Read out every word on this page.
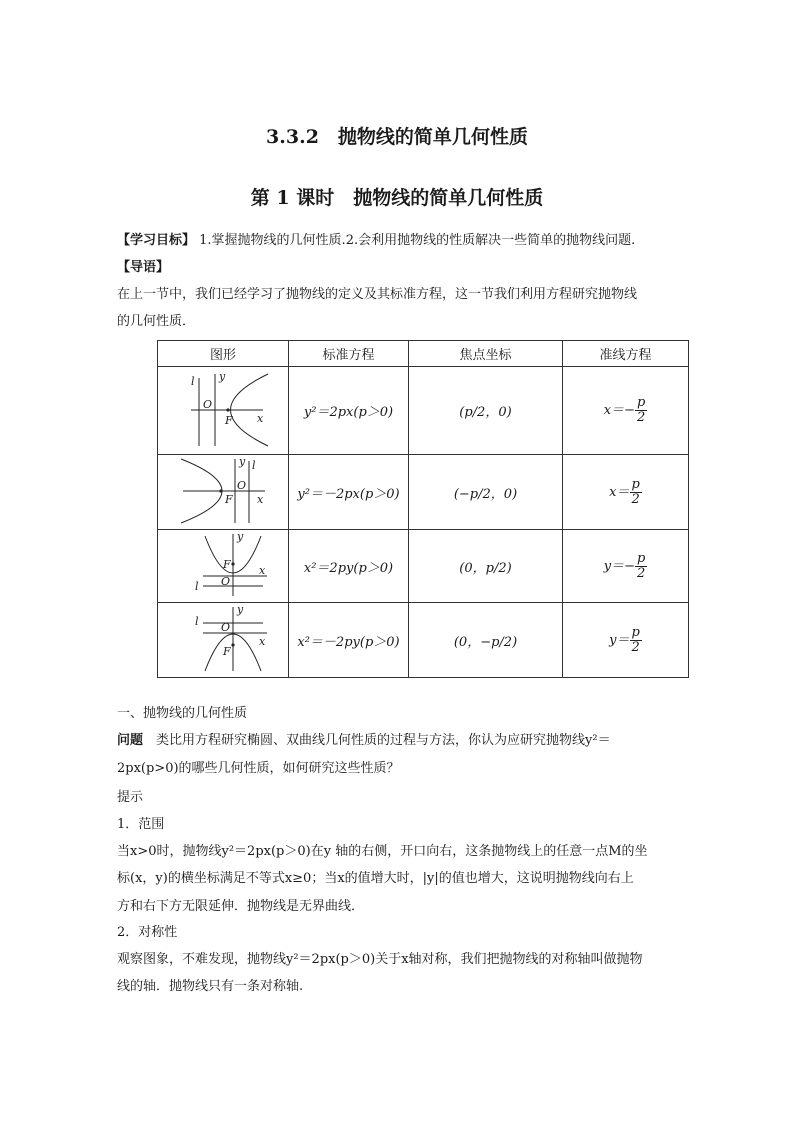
3.3.2　抛物线的简单几何性质
第 1 课时　抛物线的简单几何性质
【学习目标】 1.掌握抛物线的几何性质.2.会利用抛物线的性质解决一些简单的抛物线问题.
【导语】
在上一节中，我们已经学习了抛物线的定义及其标准方程，这一节我们利用方程研究抛物线
的几何性质．
图形	标准方程	焦点坐标	准线方程

O
F
l
x
y	y²＝2px(p＞0)	(p/2，0)	$x=- \frac{p}{2}$

O
F
l
x
y	y²＝－2px(p＞0)	(−p/2，0)	$x= \frac{p}{2}$

O
F
l
x
y	x²＝2py(p＞0)	(0，p/2)	$y=- \frac{p}{2}$

O
F
l
x
y	x²＝－2py(p＞0)	(0，−p/2)	$y= \frac{p}{2}$
一、抛物线的几何性质
问题　类比用方程研究椭圆、双曲线几何性质的过程与方法，你认为应研究抛物线y²＝
2px(p>0)的哪些几何性质，如何研究这些性质？
提示
1．范围
当x>0时，抛物线y²＝2px(p＞0)在y 轴的右侧，开口向右，这条抛物线上的任意一点M的坐
标(x，y)的横坐标满足不等式x≥0；当x的值增大时，|y|的值也增大，这说明抛物线向右上
方和右下方无限延伸．抛物线是无界曲线．
2．对称性
观察图象，不难发现，抛物线y²＝2px(p＞0)关于x轴对称，我们把抛物线的对称轴叫做抛物
线的轴．抛物线只有一条对称轴.
